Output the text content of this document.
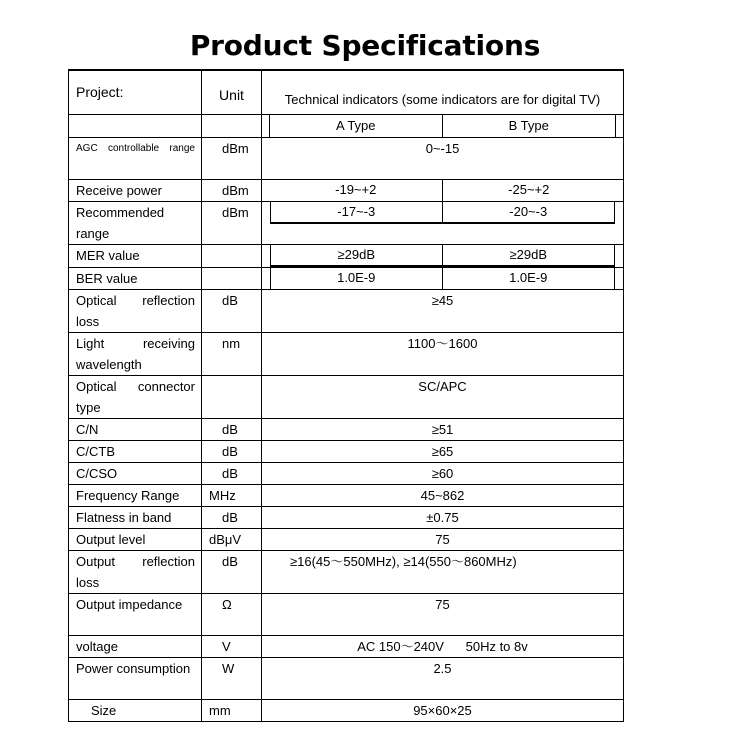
Product Specifications
Project:	Unit	Technical indicators (some indicators are for digital TV)

		A Type B Type

AGC controllable range	dBm	0~-15
Receive power	dBm	-19~+2 -25~+2

Recommended range	dBm	-17~-3 -20~-3

MER value		≥29dB ≥29dB

BER value		1.0E-9 1.0E-9

Optical reflection loss	dB	≥45
Light receiving wavelength	nm	1100～1600
Optical connector type		SC/APC
C/N	dB	≥51
C/CTB	dB	≥65
C/CSO	dB	≥60
Frequency Range	MHz	45~862
Flatness in band	dB	±0.75
Output level	dBμV	75
Output reflection loss	dB	≥16(45～550MHz), ≥14(550～860MHz)
Output impedance	Ω	75
voltage	V	AC 150～240V      50Hz to 8v
Power consumption	W	2.5
Size	mm	95×60×25
